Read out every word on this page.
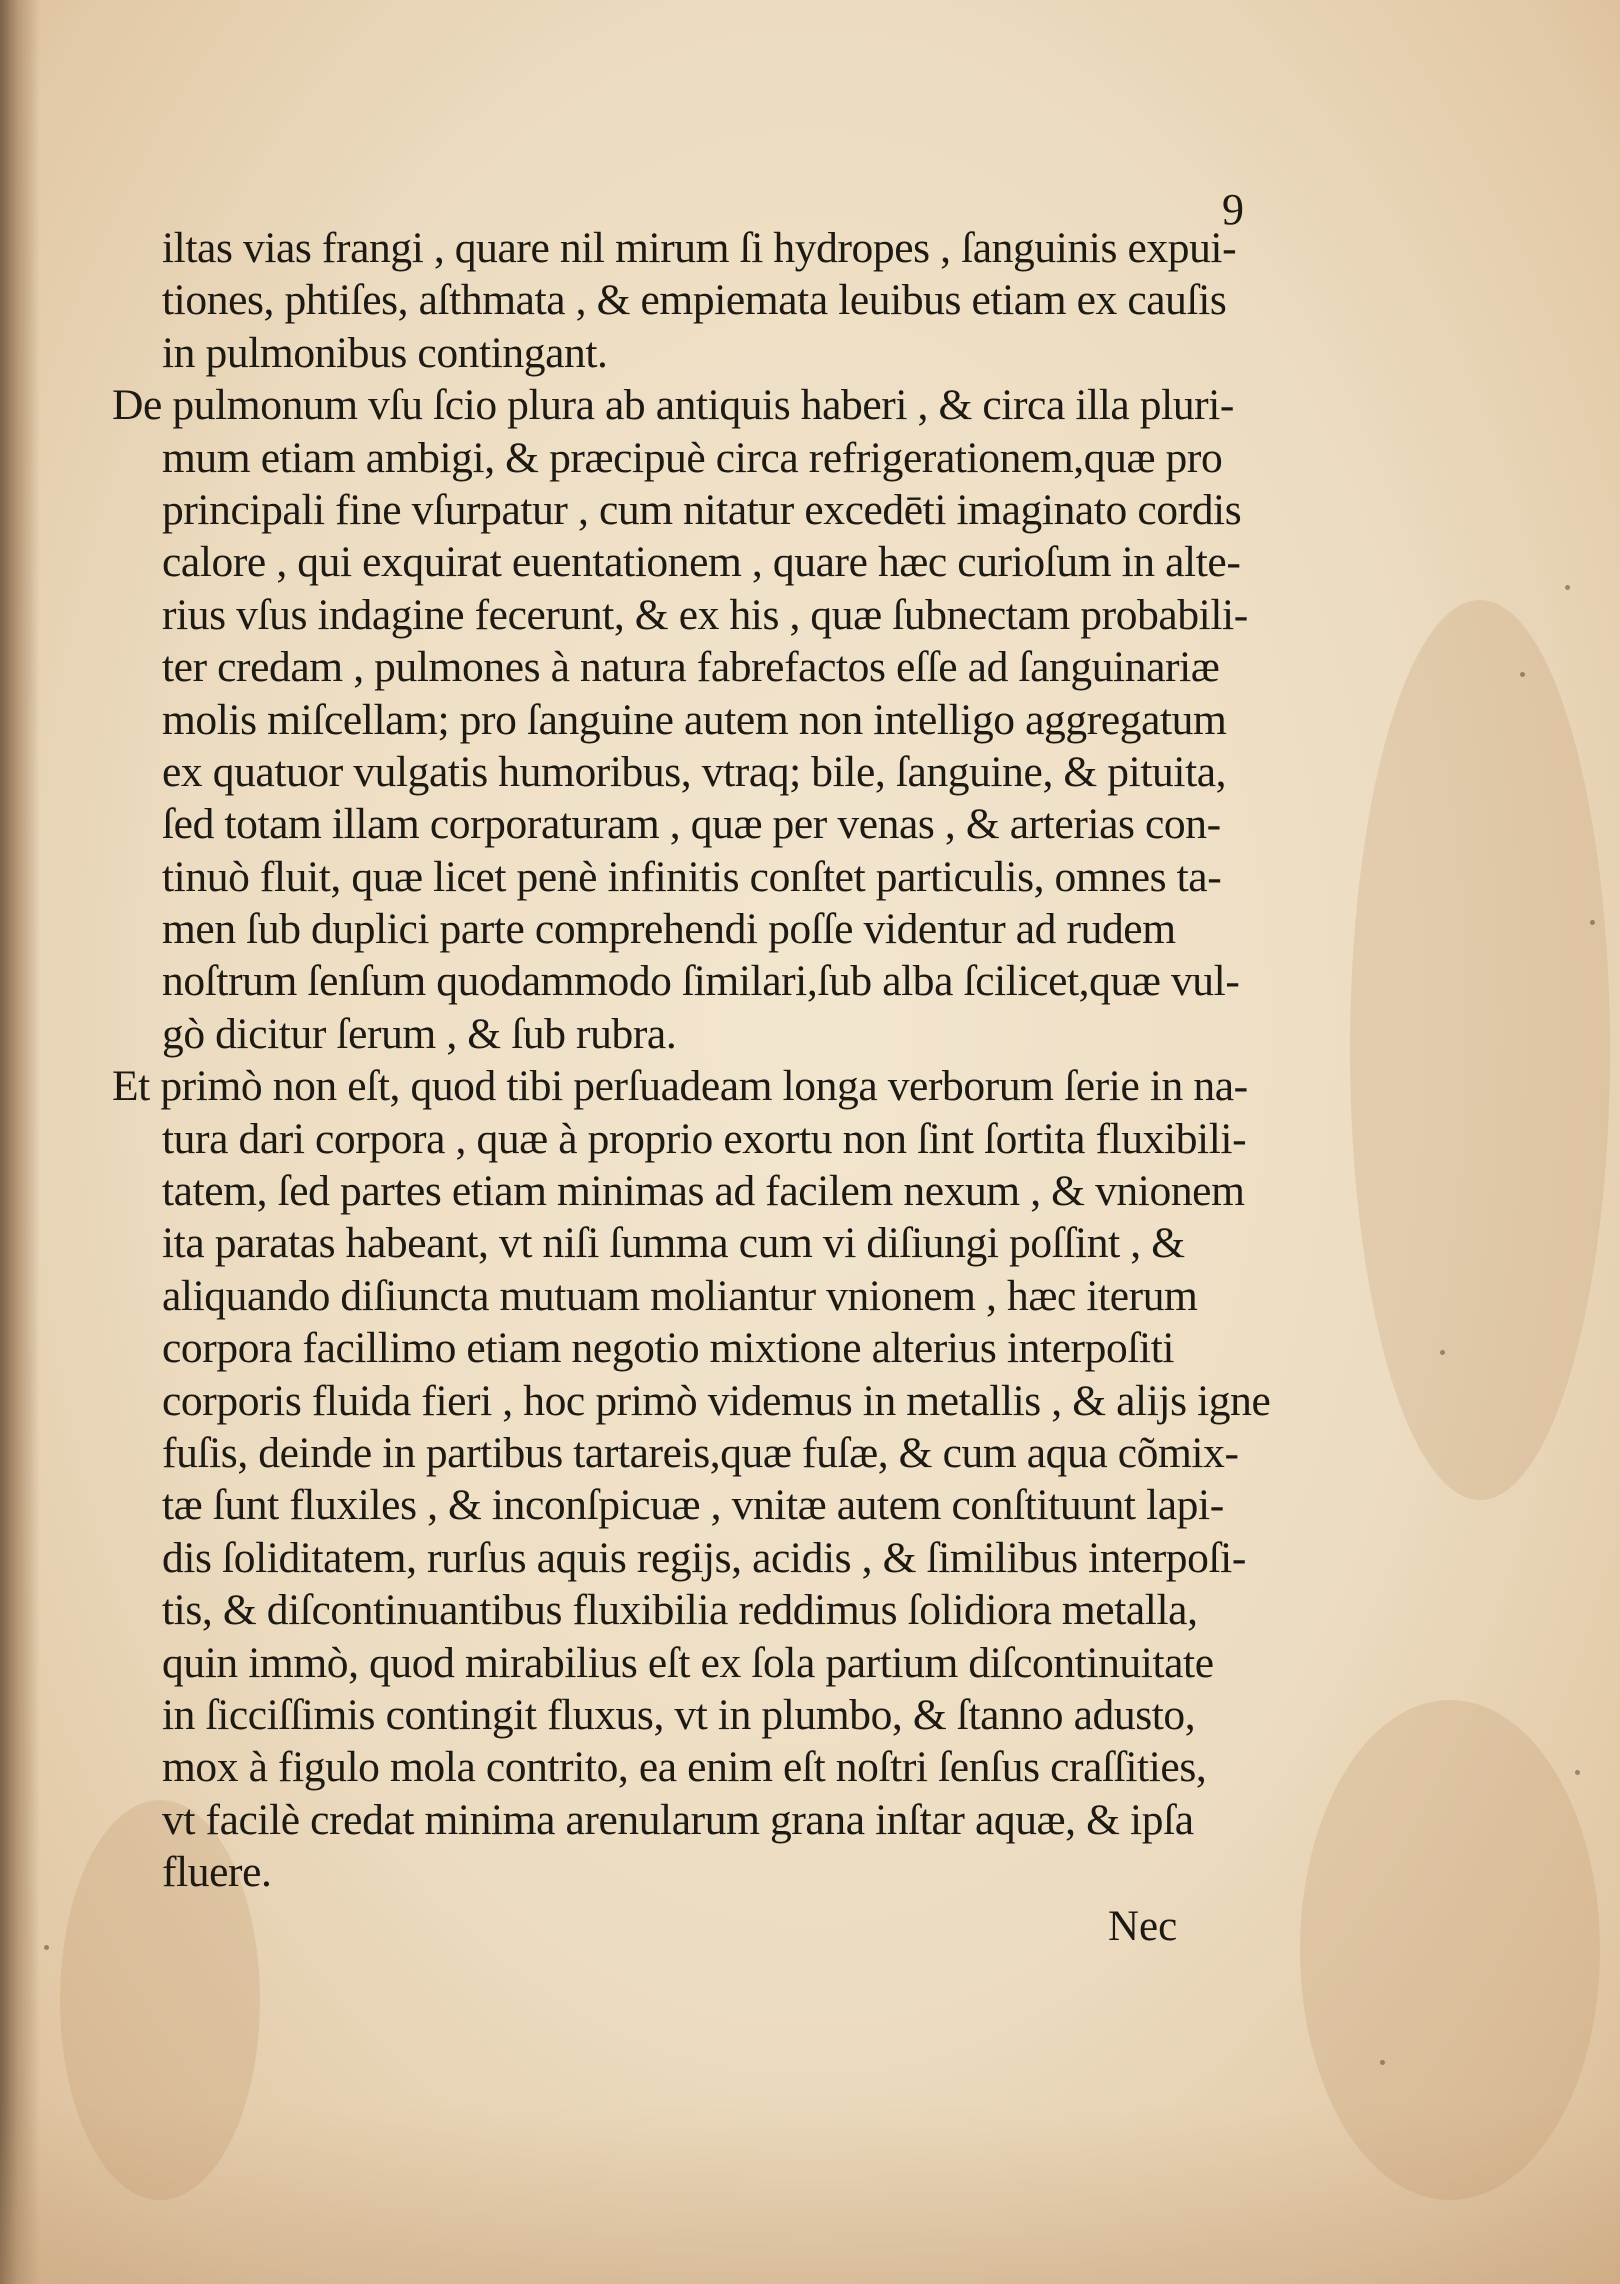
9
iltas vias frangi , quare nil mirum ſi hydropes , ſanguinis expui-
tiones, phtiſes, aſthmata , & empiemata leuibus etiam ex cauſis
in pulmonibus contingant.
De pulmonum vſu ſcio plura ab antiquis haberi , & circa illa pluri-
mum etiam ambigi, & præcipuè circa refrigerationem,quæ pro
principali fine vſurpatur , cum nitatur excedēti imaginato cordis
calore , qui exquirat euentationem , quare hæc curioſum in alte-
rius vſus indagine fecerunt, & ex his , quæ ſubnectam probabili-
ter credam , pulmones à natura fabrefactos eſſe ad ſanguinariæ
molis miſcellam; pro ſanguine autem non intelligo aggregatum
ex quatuor vulgatis humoribus, vtraq; bile, ſanguine, & pituita,
ſed totam illam corporaturam , quæ per venas , & arterias con-
tinuò fluit, quæ licet penè infinitis conſtet particulis, omnes ta-
men ſub duplici parte comprehendi poſſe videntur ad rudem
noſtrum ſenſum quodammodo ſimilari,ſub alba ſcilicet,quæ vul-
gò dicitur ſerum , & ſub rubra.
Et primò non eſt, quod tibi perſuadeam longa verborum ſerie in na-
tura dari corpora , quæ à proprio exortu non ſint ſortita fluxibili-
tatem, ſed partes etiam minimas ad facilem nexum , & vnionem
ita paratas habeant, vt niſi ſumma cum vi diſiungi poſſint , &
aliquando diſiuncta mutuam moliantur vnionem , hæc iterum
corpora facillimo etiam negotio mixtione alterius interpoſiti
corporis fluida fieri , hoc primò videmus in metallis , & alijs igne
fuſis, deinde in partibus tartareis,quæ fuſæ, & cum aqua cõmix-
tæ ſunt fluxiles , & inconſpicuæ , vnitæ autem conſtituunt lapi-
dis ſoliditatem, rurſus aquis regijs, acidis , & ſimilibus interpoſi-
tis, & diſcontinuantibus fluxibilia reddimus ſolidiora metalla,
quin immò, quod mirabilius eſt ex ſola partium diſcontinuitate
in ſicciſſimis contingit fluxus, vt in plumbo, & ſtanno adusto,
mox à figulo mola contrito, ea enim eſt noſtri ſenſus craſſities,
vt facilè credat minima arenularum grana inſtar aquæ, & ipſa
fluere.
Nec
